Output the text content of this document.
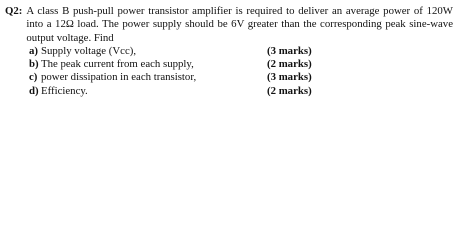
Q2: A class B push-pull power transistor amplifier is required to deliver an average power of 120W into a 12Ω load. The power supply should be 6V greater than the corresponding peak sine-wave output voltage. Find
a) Supply voltage (Vcc),	(3 marks)
b) The peak current from each supply,	(2 marks)
c) power dissipation in each transistor,	(3 marks)
d) Efficiency.	(2 marks)
